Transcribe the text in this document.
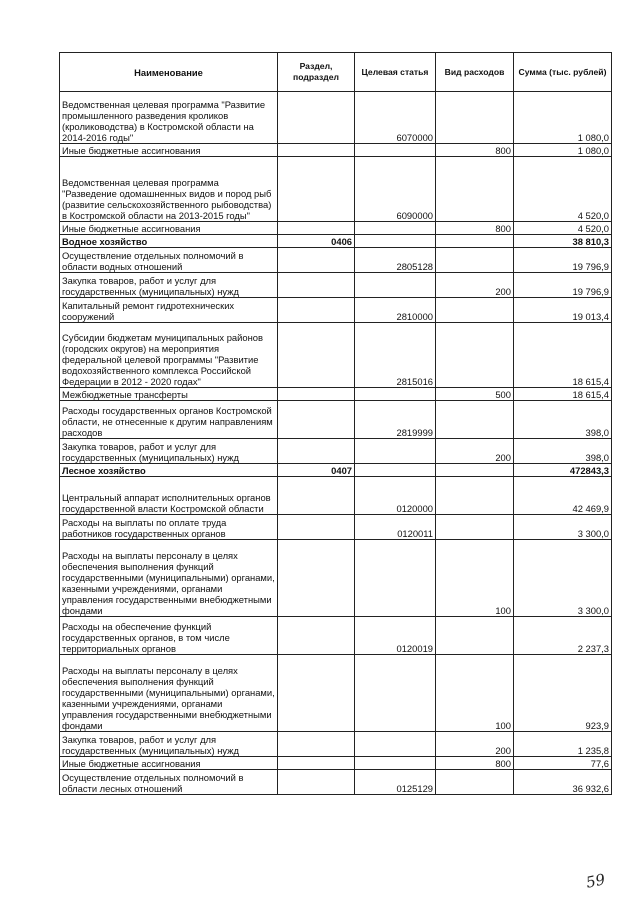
Наименование	Раздел, подраздел	Целевая статья	Вид расходов	Сумма (тыс. рублей)
Ведомственная целевая программа "Развитие промышленного разведения кроликов (кролиководства) в Костромской области на 2014-2016 годы"		6070000		1 080,0
Иные бюджетные ассигнования			800	1 080,0
Ведомственная целевая программа "Разведение одомашненных видов и пород рыб (развитие сельскохозяйственного рыбоводства) в Костромской области на 2013-2015 годы"		6090000		4 520,0
Иные бюджетные ассигнования			800	4 520,0
Водное хозяйство	0406			38 810,3
Осуществление отдельных полномочий в области водных отношений		2805128		19 796,9
Закупка товаров, работ и услуг для государственных (муниципальных) нужд			200	19 796,9
Капитальный ремонт гидротехнических сооружений		2810000		19 013,4
Субсидии бюджетам муниципальных районов (городских округов) на мероприятия федеральной целевой программы "Развитие водохозяйственного комплекса Российской Федерации в 2012 - 2020 годах"		2815016		18 615,4
Межбюджетные трансферты			500	18 615,4
Расходы государственных органов Костромской области, не отнесенные к другим направлениям расходов		2819999		398,0
Закупка товаров, работ и услуг для государственных (муниципальных) нужд			200	398,0
Лесное хозяйство	0407			472843,3
Центральный аппарат исполнительных органов государственной власти Костромской области		0120000		42 469,9
Расходы на выплаты по оплате труда работников государственных органов		0120011		3 300,0
Расходы на выплаты персоналу в целях обеспечения выполнения функций государственными (муниципальными) органами, казенными учреждениями, органами управления государственными внебюджетными фондами			100	3 300,0
Расходы на обеспечение функций государственных органов, в том числе территориальных органов		0120019		2 237,3
Расходы на выплаты персоналу в целях обеспечения выполнения функций государственными (муниципальными) органами, казенными учреждениями, органами управления государственными внебюджетными фондами			100	923,9
Закупка товаров, работ и услуг для государственных (муниципальных) нужд			200	1 235,8
Иные бюджетные ассигнования			800	77,6
Осуществление отдельных полномочий в области лесных отношений		0125129		36 932,6
59
